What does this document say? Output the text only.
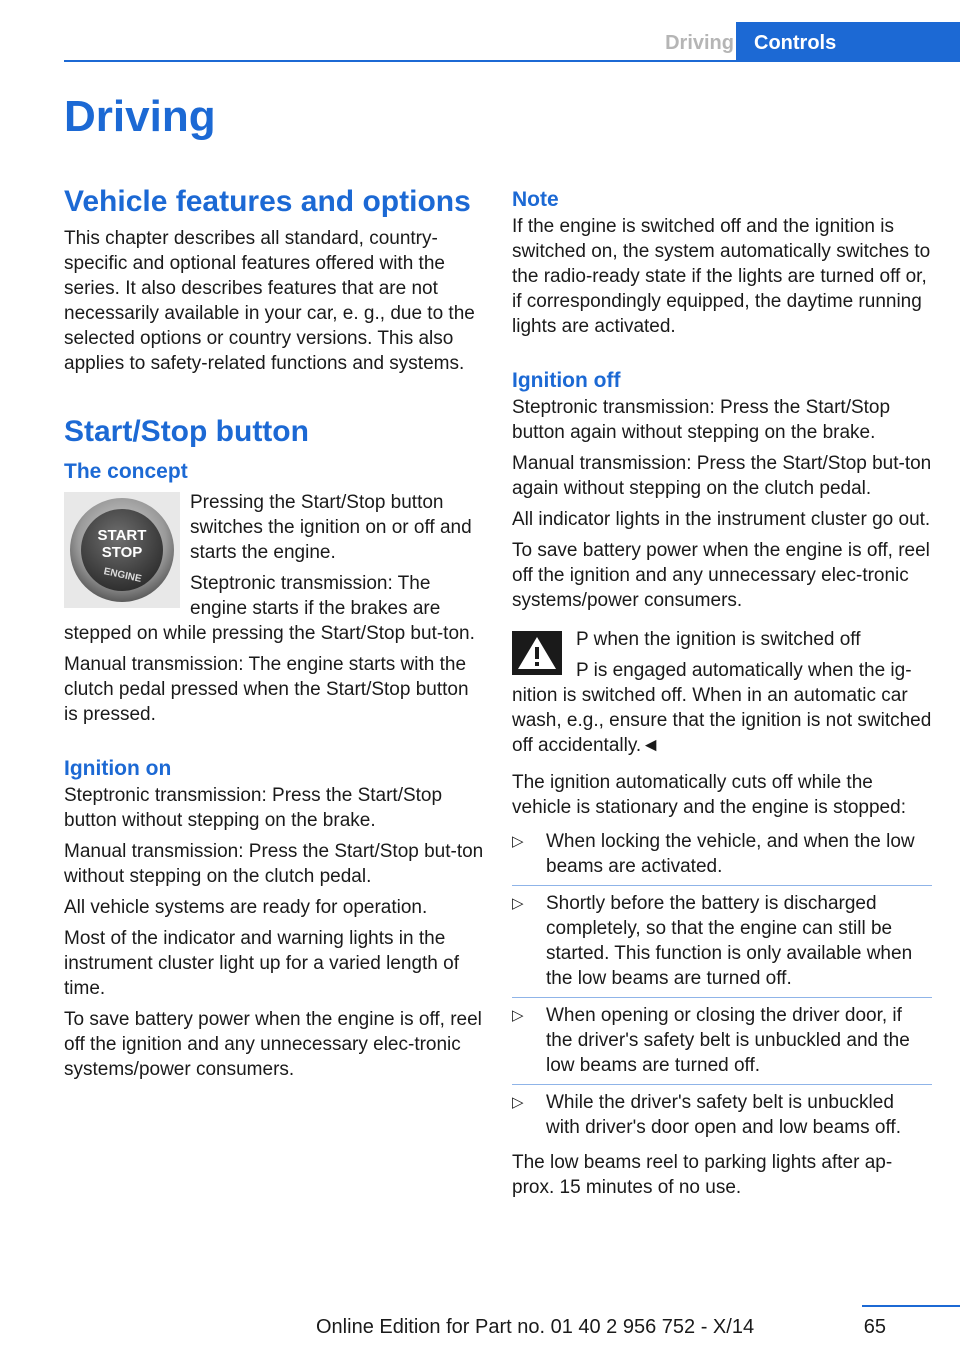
Driving	Controls
Driving
Vehicle features and options

This chapter describes all standard, country-specific and optional features offered with the series. It also describes features that are not necessarily available in your car, e. g., due to the selected options or country versions. This also applies to safety-related functions and systems.

Start/Stop button
The concept
START
STOP
ENGINE

Pressing the Start/Stop button switches the ignition on or off and starts the engine.

Steptronic transmission: The engine starts if the brakes are stepped on while pressing the Start/Stop but-ton.

Manual transmission: The engine starts with the clutch pedal pressed when the Start/Stop button is pressed.

Ignition on

Steptronic transmission: Press the Start/Stop button without stepping on the brake.

Manual transmission: Press the Start/Stop but-ton without stepping on the clutch pedal.

All vehicle systems are ready for operation.

Most of the indicator and warning lights in the instrument cluster light up for a varied length of time.

To save battery power when the engine is off, reel off the ignition and any unnecessary elec-tronic systems/power consumers.

Note

If the engine is switched off and the ignition is switched on, the system automatically switches to the radio-ready state if the lights are turned off or, if correspondingly equipped, the daytime running lights are activated.

Ignition off

Steptronic transmission: Press the Start/Stop button again without stepping on the brake.

Manual transmission: Press the Start/Stop but-ton again without stepping on the clutch pedal.

All indicator lights in the instrument cluster go out.

To save battery power when the engine is off, reel off the ignition and any unnecessary elec-tronic systems/power consumers.

P when the ignition is switched off

P is engaged automatically when the ig-nition is switched off. When in an automatic car wash, e.g., ensure that the ignition is not switched off accidentally.◄

The ignition automatically cuts off while the vehicle is stationary and the engine is stopped:

▷ When locking the vehicle, and when the low beams are activated.
▷ Shortly before the battery is discharged completely, so that the engine can still be started. This function is only available when the low beams are turned off.
▷ When opening or closing the driver door, if the driver's safety belt is unbuckled and the low beams are turned off.
▷ While the driver's safety belt is unbuckled with driver's door open and low beams off.

The low beams reel to parking lights after ap-prox. 15 minutes of no use.

65
Online Edition for Part no. 01 40 2 956 752 - X/14
